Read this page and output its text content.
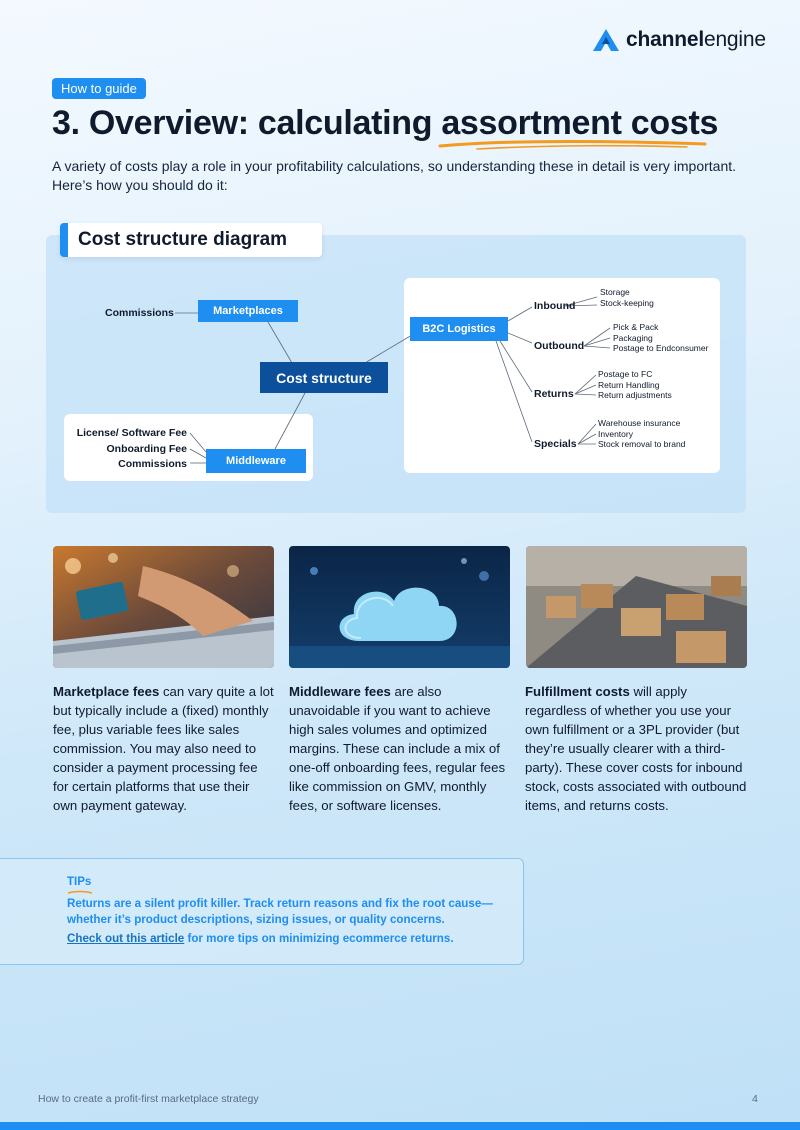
channelengine
How to guide
3. Overview: calculating assortment costs

A variety of costs play a role in your profitability calculations, so understanding these in detail is very important. Here’s how you should do it:

Cost structure diagram
Commissions	Marketplaces
Cost structure
B2C Logistics
Middleware
License/ Software Fee
Onboarding Fee
Commissions
Inbound
Storage
Stock-keeping
Outbound
Pick & Pack
Packaging
Postage to Endconsumer
Returns
Postage to FC
Return Handling
Return adjustments
Specials
Warehouse insurance
Inventory
Stock removal to brand

Marketplace fees can vary quite a lot but typically include a (fixed) monthly fee, plus variable fees like sales commission. You may also need to consider a payment processing fee for certain platforms that use their own payment gateway.

Middleware fees are also unavoidable if you want to achieve high sales volumes and optimized margins. These can include a mix of one-off onboarding fees, regular fees like commission on GMV, monthly fees, or software licenses.

Fulfillment costs will apply regardless of whether you use your own fulfillment or a 3PL provider (but they’re usually clearer with a third-party). These cover costs for inbound stock, costs associated with outbound items, and returns costs.

TIPs

Returns are a silent profit killer. Track return reasons and fix the root cause—whether it’s product descriptions, sizing issues, or quality concerns.

Check out this article for more tips on minimizing ecommerce returns.
How to create a profit-first marketplace strategy	4
